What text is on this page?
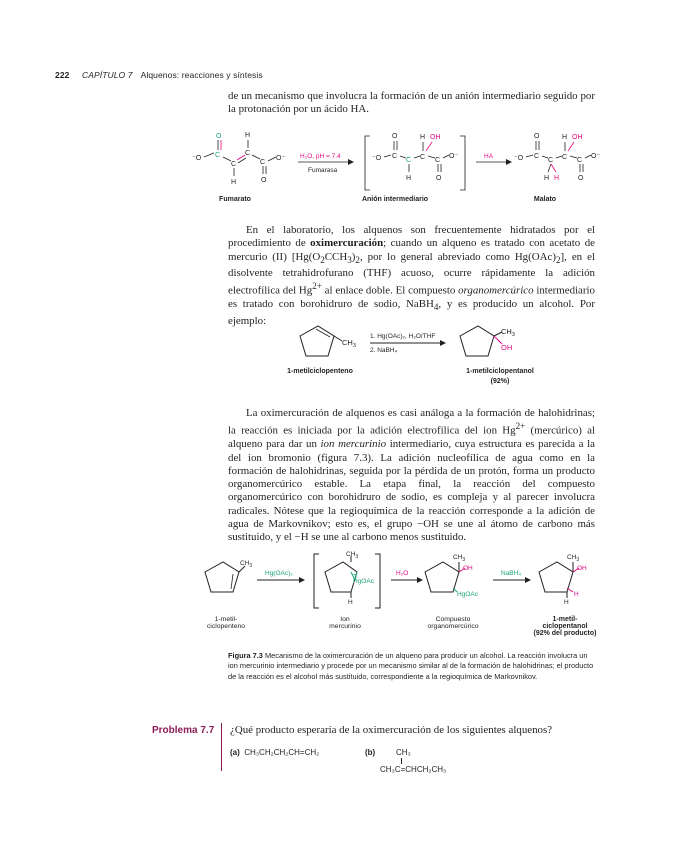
222 CAPÍTULO 7 Alquenos: reacciones y síntesis
de un mecanismo que involucra la formación de un anión intermediario seguido por la protonación por un ácido HA.
⁻O C
O
C
H
C
H
C
O
O⁻ H₂O, pH = 7.4
Fumarasa
⁻O C
O
C̈
H
C
H OH
C
O
O⁻	HA	⁻O C
O
C
H H
C
H OH
C
O
O⁻
Fumarato	Anión intermediario	Malato
En el laboratorio, los alquenos son frecuentemente hidratados por el procedimiento de oximercuración; cuando un alqueno es tratado con acetato de mercurio (II) [$Hg(O_2CCH_3)_2$, por lo general abreviado como $Hg(OAc)_2$], en el disolvente tetrahidrofurano (THF) acuoso, ocurre rápidamente la adición electrofílica del $Hg^{2+}$ al enlace doble. El compuesto organomercúrico intermediario es tratado con borohidruro de sodio, NaBH$_4$, y es producido un alcohol. Por ejemplo:
$CH_3$
1. Hg(OAc)₂, H₂O/THF
2. NaBH₄
$CH_3$
OH
1-metilciclopenteno	1-metilciclopentanol
(92%)
La oximercuración de alquenos es casi análoga a la formación de halohidrinas; la reacción es iniciada por la adición electrofílica del ion $Hg^{2+}$ (mercúrico) al alqueno para dar un ion mercurinio intermediario, cuya estructura es parecida a la del ion bromonio (figura 7.3). La adición nucleofílica de agua como en la formación de halohidrinas, seguida por la pérdida de un protón, forma un producto organomercúrico estable. La etapa final, la reacción del compuesto organomercúrico con borohidruro de sodio, es compleja y al parecer involucra radicales. Nótese que la regioquímica de la reacción corresponde a la adición de agua de Markovnikov; esto es, el grupo −OH se une al átomo de carbono más sustituido, y el −H se une al carbono menos sustituido.
$CH_3$
Hg(OAc)₂
$CH_3$
+
HgOAc
H
H₂O
$CH_3$
OH
HgOAc
NaBH₄
$CH_3$
OH
H
H
1-metil-
ciclopenteno
Ion
mercurinio
Compuesto
organomercúrico
1-metil-
ciclopentanol
(92% del producto)
Figura 7.3 Mecanismo de la oximercuración de un alqueno para producir un alcohol. La reacción involucra un ion mercurinio intermediario y procede por un mecanismo similar al de la formación de halohidrinas; el producto de la reacción es el alcohol más sustituido, correspondiente a la regioquímica de Markovnikov.
Problema 7.7 ¿Qué producto esperaría de la oximercuración de los siguientes alquenos?
(a) CH₃CH₂CH₂CH=CH₂	(b)	CH₃
CH₃C=CHCH₂CH₃
